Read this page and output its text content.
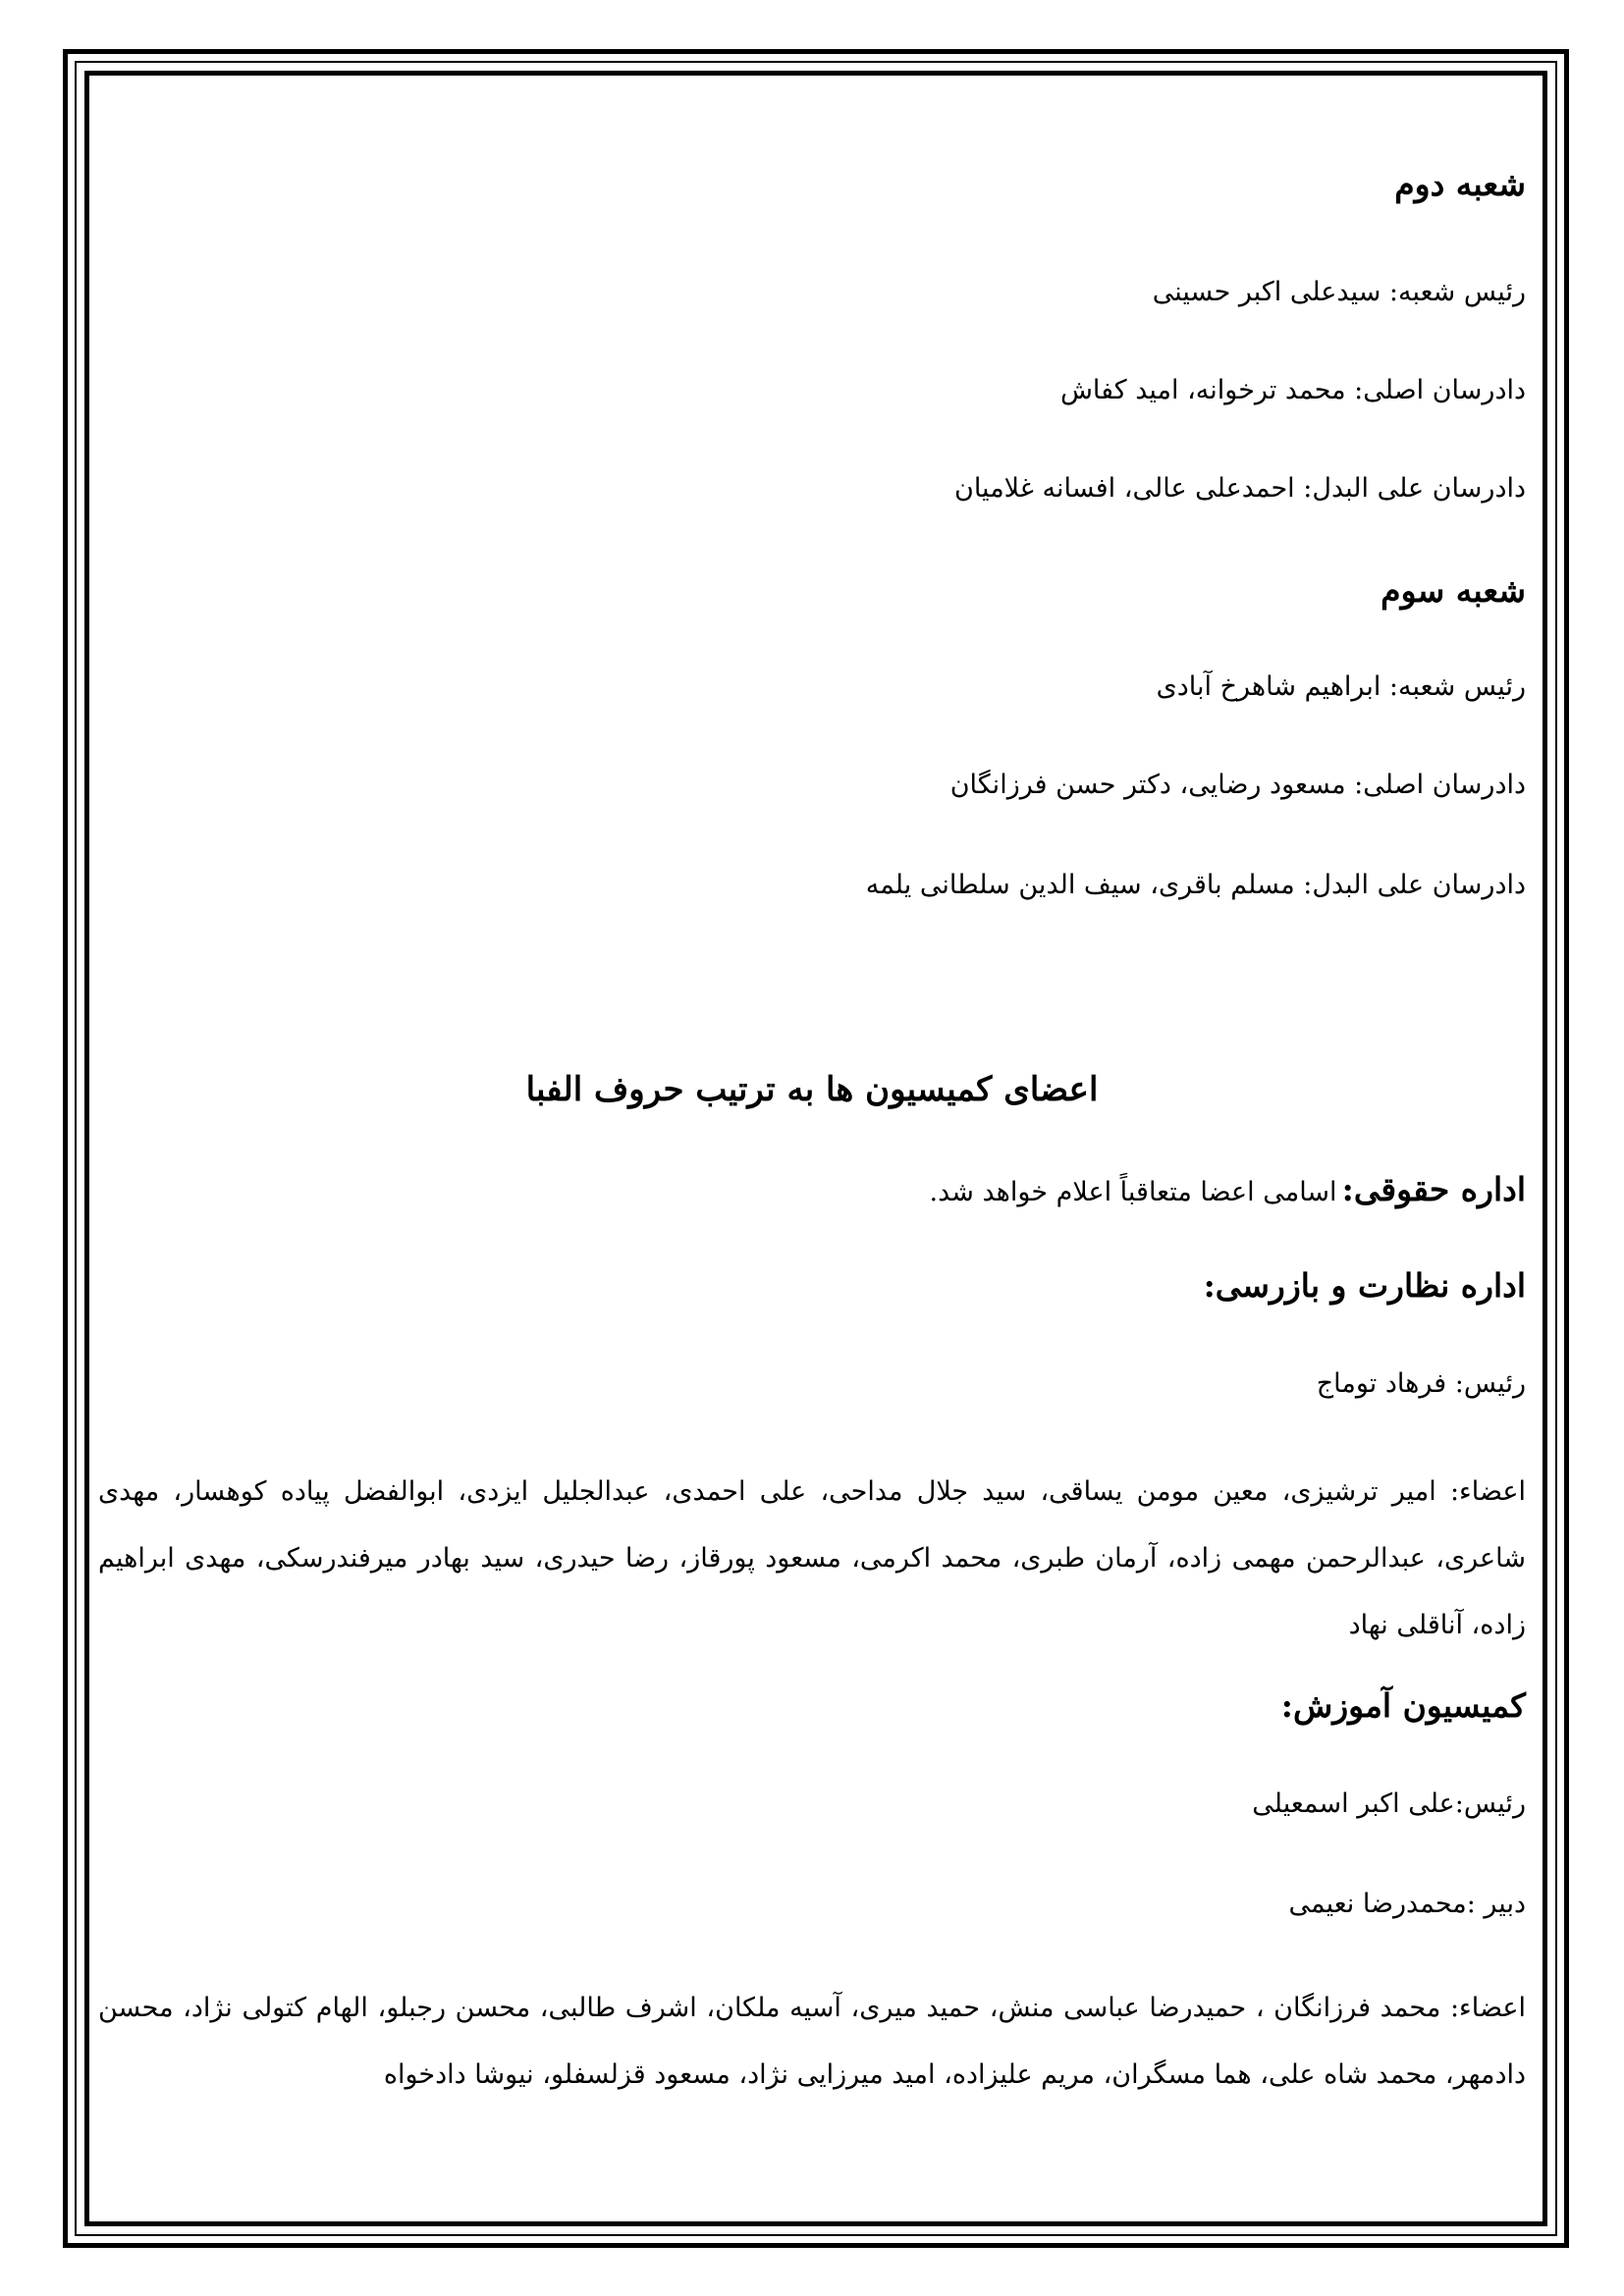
شعبه دوم
رئیس شعبه: سیدعلی اکبر حسینی
دادرسان اصلی: محمد ترخوانه، امید کفاش
دادرسان علی البدل: احمدعلی عالی، افسانه غلامیان
شعبه سوم
رئیس شعبه: ابراهیم شاهرخ آبادی
دادرسان اصلی: مسعود رضایی، دکتر حسن فرزانگان
دادرسان علی البدل: مسلم باقری، سیف الدین سلطانی یلمه
اعضای کمیسیون ها به ترتیب حروف الفبا
اداره حقوقی: اسامی اعضا متعاقباً اعلام خواهد شد.
اداره نظارت و بازرسی:
رئیس: فرهاد توماج
اعضاء: امیر ترشیزی، معین مومن یساقی، سید جلال مداحی، علی احمدی، عبدالجلیل ایزدی، ابوالفضل پیاده کوهسار، مهدی شاعری، عبدالرحمن مهمی زاده، آرمان طبری، محمد اکرمی، مسعود پورقاز، رضا حیدری، سید بهادر میرفندرسکی، مهدی ابراهیم زاده، آناقلی نهاد
کمیسیون آموزش:
رئیس:علی اکبر اسمعیلی
دبیر :محمدرضا نعیمی
اعضاء: محمد فرزانگان ، حمیدرضا عباسی منش، حمید میری، آسیه ملکان، اشرف طالبی، محسن رجبلو، الهام کتولی نژاد، محسن دادمهر، محمد شاه علی، هما مسگران، مریم علیزاده، امید میرزایی نژاد، مسعود قزلسفلو، نیوشا دادخواه
